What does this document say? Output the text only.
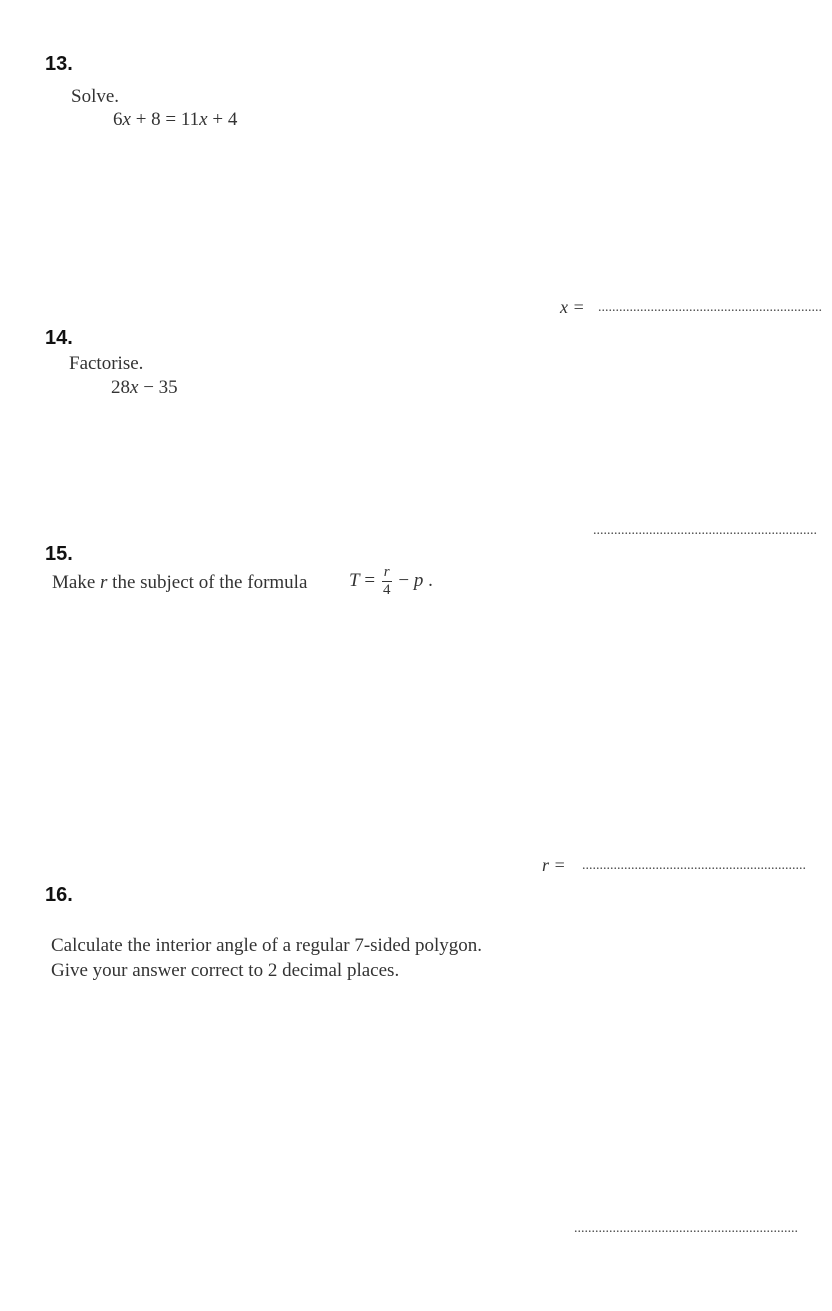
13.
Solve.
6x + 8 = 11x + 4
x = ................................................................
14.
Factorise.
28x − 35
................................................................
15.
Make r the subject of the formula $T = \frac{r}{4} - p$ .
r = ................................................................
16.
Calculate the interior angle of a regular 7-sided polygon.
Give your answer correct to 2 decimal places.
................................................................
